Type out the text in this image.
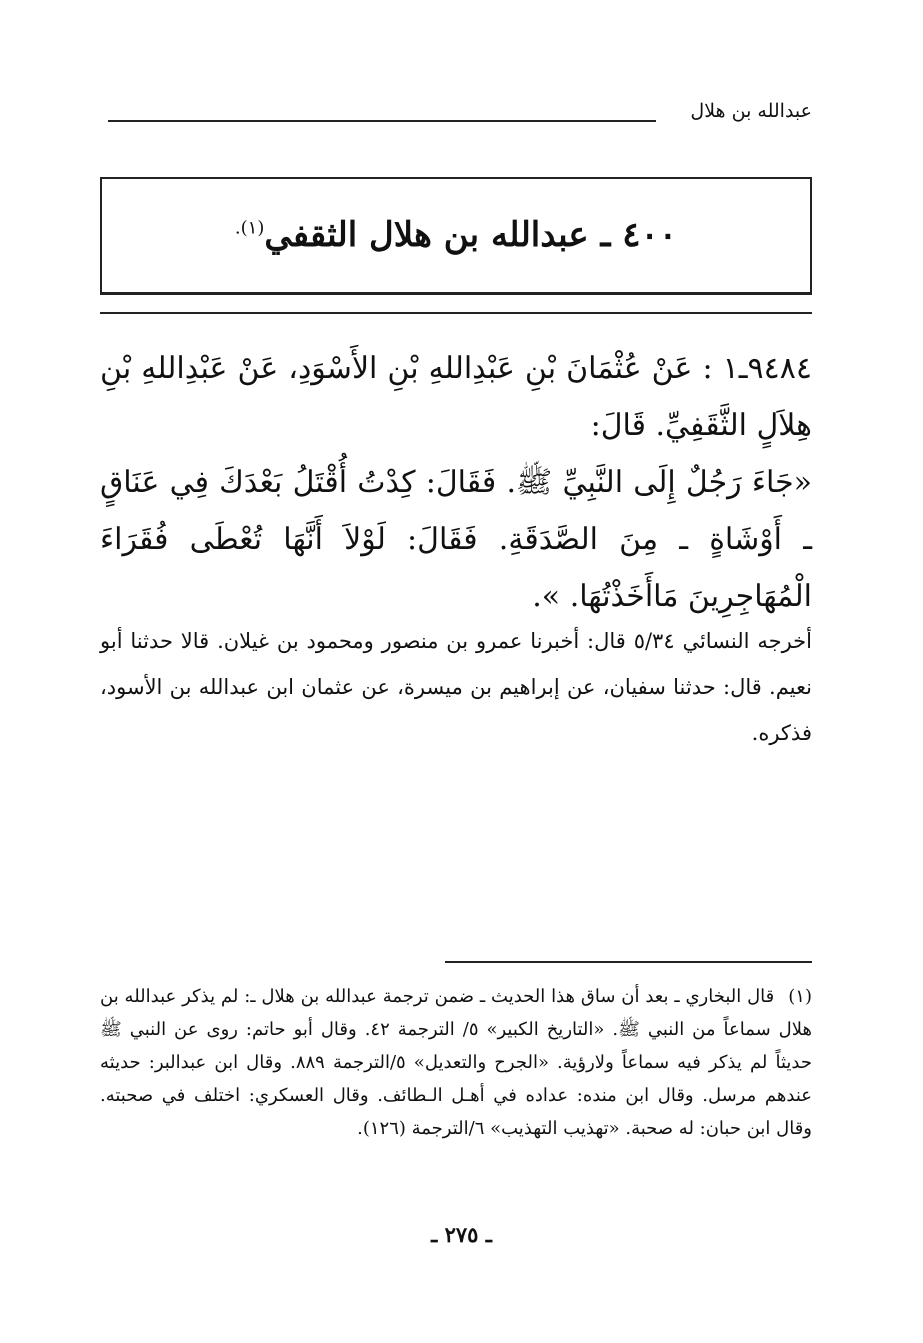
عبدالله بن هلال
٤٠٠ ـ عبدالله بن هلال الثقفي$^{(١).}$

٩٤٨٤ـ١ : عَنْ عُثْمَانَ بْنِ عَبْدِاللهِ بْنِ الأَسْوَدِ، عَنْ عَبْدِاللهِ بْنِ هِلاَلٍ الثَّقَفِيِّ. قَالَ:

«جَاءَ رَجُلٌ إِلَى النَّبِيِّ ﷺ. فَقَالَ: كِدْتُ أُقْتَلُ بَعْدَكَ فِي عَنَاقٍ ـ أَوْشَاةٍ ـ مِنَ الصَّدَقَةِ. فَقَالَ: لَوْلاَ أَنَّهَا تُعْطَى فُقَرَاءَ الْمُهَاجِرِينَ مَاأَخَذْتُهَا. ».

أخرجه النسائي ٥/٣٤ قال: أخبرنا عمرو بن منصور ومحمود بن غيلان. قالا حدثنا أبو نعيم. قال: حدثنا سفيان، عن إبراهيم بن ميسرة، عن عثمان ابن عبدالله بن الأسود، فذكره.
(١)قال البخاري ـ بعد أن ساق هذا الحديث ـ ضمن ترجمة عبدالله بن هلال ـ: لم يذكر عبدالله بن هلال سماعاً من النبي ﷺ. «التاريخ الكبير» ٥/ الترجمة ٤٢. وقال أبو حاتم: روى عن النبي ﷺ حديثاً لم يذكر فيه سماعاً ولارؤية. «الجرح والتعديل» ٥/الترجمة ٨٨٩. وقال ابن عبدالبر: حديثه عندهم مرسل. وقال ابن منده: عداده في أهـل الـطائف. وقال العسكري: اختلف في صحبته. وقال ابن حبان: له صحبة. «تهذيب التهذيب» ٦/الترجمة (١٢٦).
ـ ٢٧٥ ـ
